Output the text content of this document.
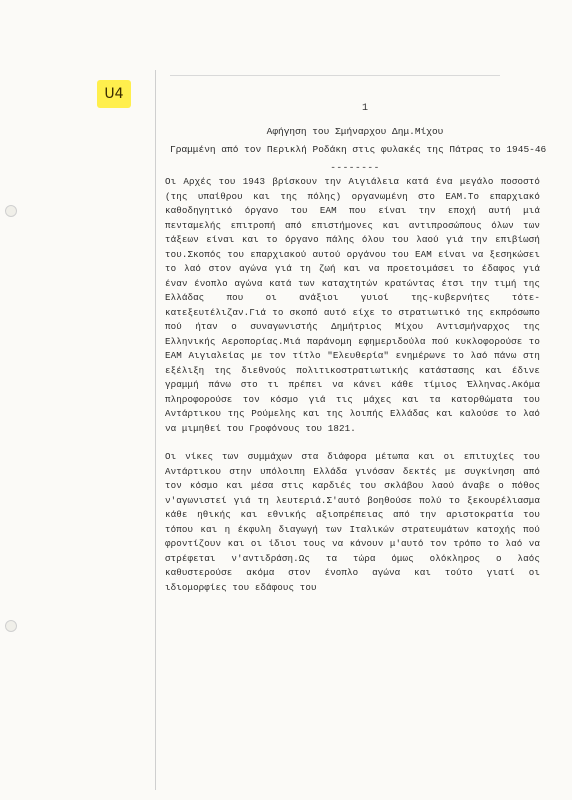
U4
1
Αφήγηση του Σμήναρχου Δημ.Μίχου
Γραμμένη από τον Περικλή Ροδάκη στις φυλακές της Πάτρας το 1945-46
--------

Οι Αρχές του 1943 βρίσκουν την Αιγιάλεια κατά ένα μεγάλο ποσοστό (της υπαίθρου και της πόλης) οργανωμένη στο ΕΑΜ.Το επαρχιακό καθοδηγητικό όργανο του ΕΑΜ που είναι την εποχή αυτή μιά πενταμελής επιτροπή από επιστήμονες και αντιπροσώπους όλων των τάξεων είναι και το όργανο πάλης όλου του λαού γιά την επιβίωσή του.Σκοπός του επαρχιακού αυτού οργάνου του ΕΑΜ είναι να ξεσηκώσει το λαό στον αγώνα γιά τη ζωή και να προετοιμάσει το έδαφος γιά έναν ένοπλο αγώνα κατά των καταχτητών κρατώντας έτσι την τιμή της Ελλάδας που οι ανάξιοι γυιοί της-κυβερνήτες τότε-κατεξευτέλιζαν.Γιά το σκοπό αυτό είχε το στρατιωτικό της εκπρόσωπο πού ήταν ο συναγωνιστής Δημήτριος Μίχου Αντισμήναρχος της Ελληνικής Αεροπορίας.Μιά παράνομη εφημεριδούλα πού κυκλοφορούσε το ΕΑΜ Αιγιαλείας με τον τίτλο "Ελευθερία" ενημέρωνε το λαό πάνω στη εξέλιξη της διεθνούς πολιτικοστρατιωτικής κατάστασης και έδινε γραμμή πάνω στο τι πρέπει να κάνει κάθε τίμιος Έλληνας.Ακόμα πληροφορούσε τον κόσμο γιά τις μάχες και τα κατορθώματα του Αντάρτικου της Ρούμελης και της λοιπής Ελλάδας και καλούσε το λαό να μιμηθεί του Γροφόνους του 1821.

Οι νίκες των συμμάχων στα διάφορα μέτωπα και οι επιτυχίες του Αντάρτικου στην υπόλοιπη Ελλάδα γινόσαν δεκτές με συγκίνηση από τον κόσμο και μέσα στις καρδιές του σκλάβου λαού άναβε ο πόθος ν'αγωνιστεί γιά τη λευτεριά.Σ'αυτό βοηθούσε πολύ το ξεκουρέλιασμα κάθε ηθικής και εθνικής αξιοπρέπειας από την αριστοκρατία του τόπου και η έκφυλη διαγωγή των Ιταλικών στρατευμάτων κατοχής πού φροντίζουν και οι ίδιοι τους να κάνουν μ'αυτό τον τρόπο το λαό να στρέφεται ν'αντιδράση.Ως τα τώρα όμως ολόκληρος ο λαός καθυστερούσε ακόμα στον ένοπλο αγώνα και τούτο γιατί οι ιδιομορφίες του εδάφους του
